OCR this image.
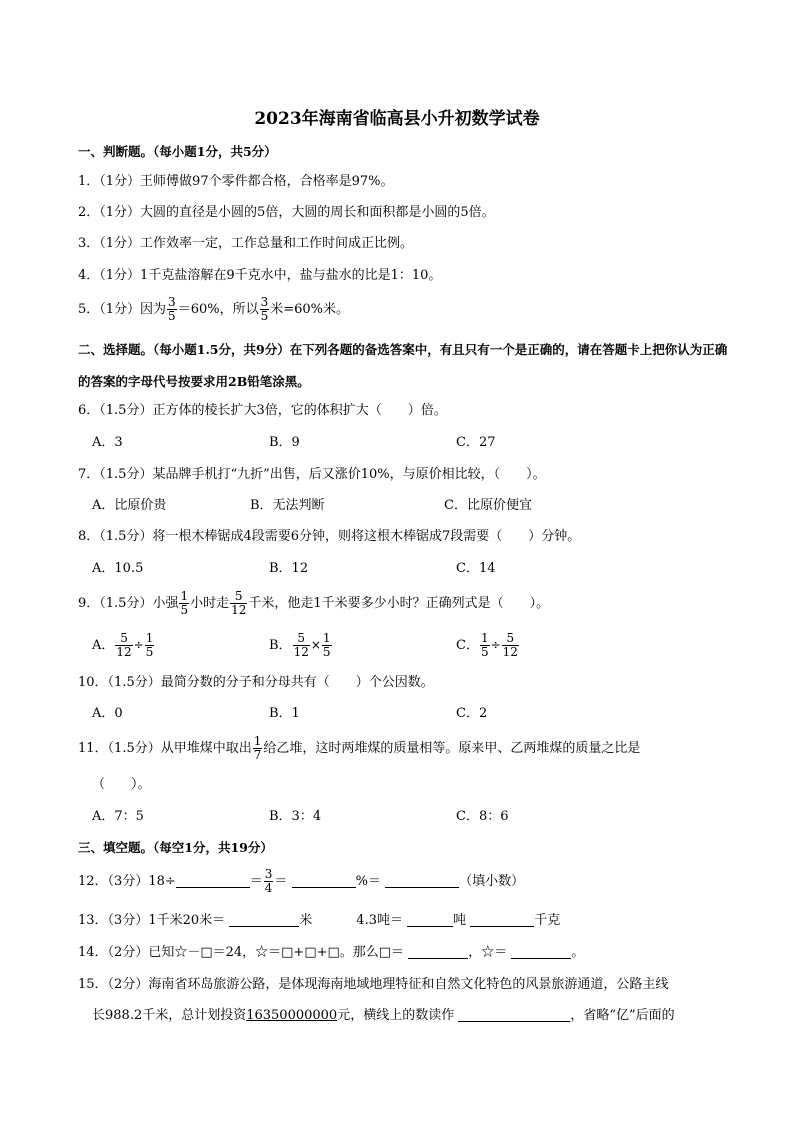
2023年海南省临高县小升初数学试卷
一、判断题。（每小题1分，共5分）
1．（1分）王师傅做97个零件都合格，合格率是97%。
2．（1分）大圆的直径是小圆的5倍，大圆的周长和面积都是小圆的5倍。
3．（1分）工作效率一定，工作总量和工作时间成正比例。
4．（1分）1千克盐溶解在9千克水中，盐与盐水的比是1：10。
5．（1分）因为 $\frac{3}{5} =60\%$，所以 $\frac{3}{5}$ 米=60%米。
二、选择题。（每小题1.5分，共9分）在下列各题的备选答案中，有且只有一个是正确的，请在答题卡上把你认为正确的答案的字母代号按要求用2B铅笔涂黑。
6．（1.5分）正方体的棱长扩大3倍，它的体积扩大（　　）倍。
A．3	B．9	C．27
7．（1.5分）某品牌手机打“九折”出售，后又涨价10%，与原价相比较，（　　）。
A．比原价贵	B．无法判断	C．比原价便宜
8．（1.5分）将一根木棒锯成4段需要6分钟，则将这根木棒锯成7段需要（　　）分钟。
A．10.5	B．12	C．14
9．（1.5分）小强 $\frac{1}{5}$ 小时走 $\frac{5}{12}$ 千米，他走1千米要多少小时？正确列式是（　　）。
A． $\frac{5}{12} \div \frac{1}{5}$	B． $\frac{5}{12} \times \frac{1}{5}$	C． $\frac{1}{5} \div \frac{5}{12}$
10．（1.5分）最简分数的分子和分母共有（　　）个公因数。
A．0	B．1	C．2
11．（1.5分）从甲堆煤中取出 $\frac{1}{7}$ 给乙堆，这时两堆煤的质量相等。原来甲、乙两堆煤的质量之比是
（　　）。
A．7：5	B．3：4	C．8：6
三、填空题。（每空1分，共19分）
12．（3分）18÷	＝ $\frac{3}{4}$ ＝	%＝	（填小数）
13．（3分）1千米20米＝	米	4.3吨＝	吨	千克
14．（2分）已知☆－□＝24，☆＝□+□+□。那么□＝	，☆＝	。
15．（2分）海南省环岛旅游公路，是体现海南地域地理特征和自然文化特色的风景旅游通道，公路主线
长988.2千米，总计划投资16350000000元，横线上的数读作	，省略“亿”后面的
